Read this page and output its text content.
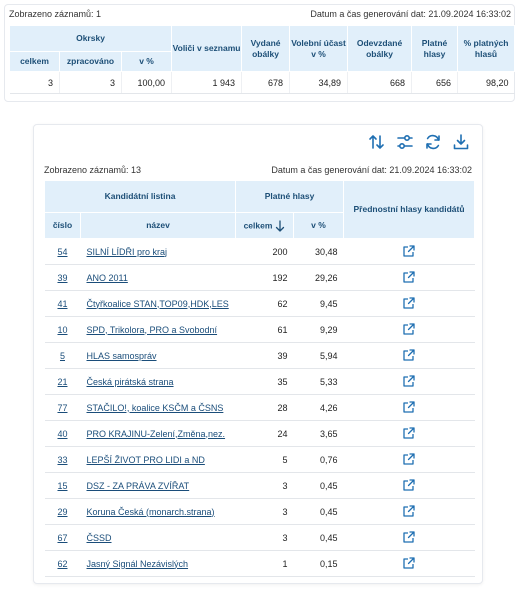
Zobrazeno záznamů: 1	Datum a čas generování dat: 21.09.2024 16:33:02
Okrsky			Voliči v seznamu	Vydané obálky	Volební účast v %	Odevzdané obálky	Platné hlasy	% platných hlasů
celkem	zpracováno	v %						
3	3	100,00	1 943	678	34,89	668	656	98,20
Zobrazeno záznamů: 13	Datum a čas generování dat: 21.09.2024 16:33:02
Kandidátní listina		Platné hlasy		Přednostní hlasy kandidátů
číslo	název	celkem	v %	
54	SILNÍ LÍDŘI pro kraj	200	30,48	
39	ANO 2011	192	29,26	
41	Čtyřkoalice STAN,TOP09,HDK,LES	62	9,45	
10	SPD, Trikolora, PRO a Svobodní	61	9,29	
5	HLAS samospráv	39	5,94	
21	Česká pirátská strana	35	5,33	
77	STAČILO!, koalice KSČM a ČSNS	28	4,26	
40	PRO KRAJINU-Zelení,Změna,nez.	24	3,65	
33	LEPŠÍ ŽIVOT PRO LIDI a ND	5	0,76	
15	DSZ - ZA PRÁVA ZVÍŘAT	3	0,45	
29	Koruna Česká (monarch.strana)	3	0,45	
67	ČSSD	3	0,45	
62	Jasný Signál Nezávislých	1	0,15	
